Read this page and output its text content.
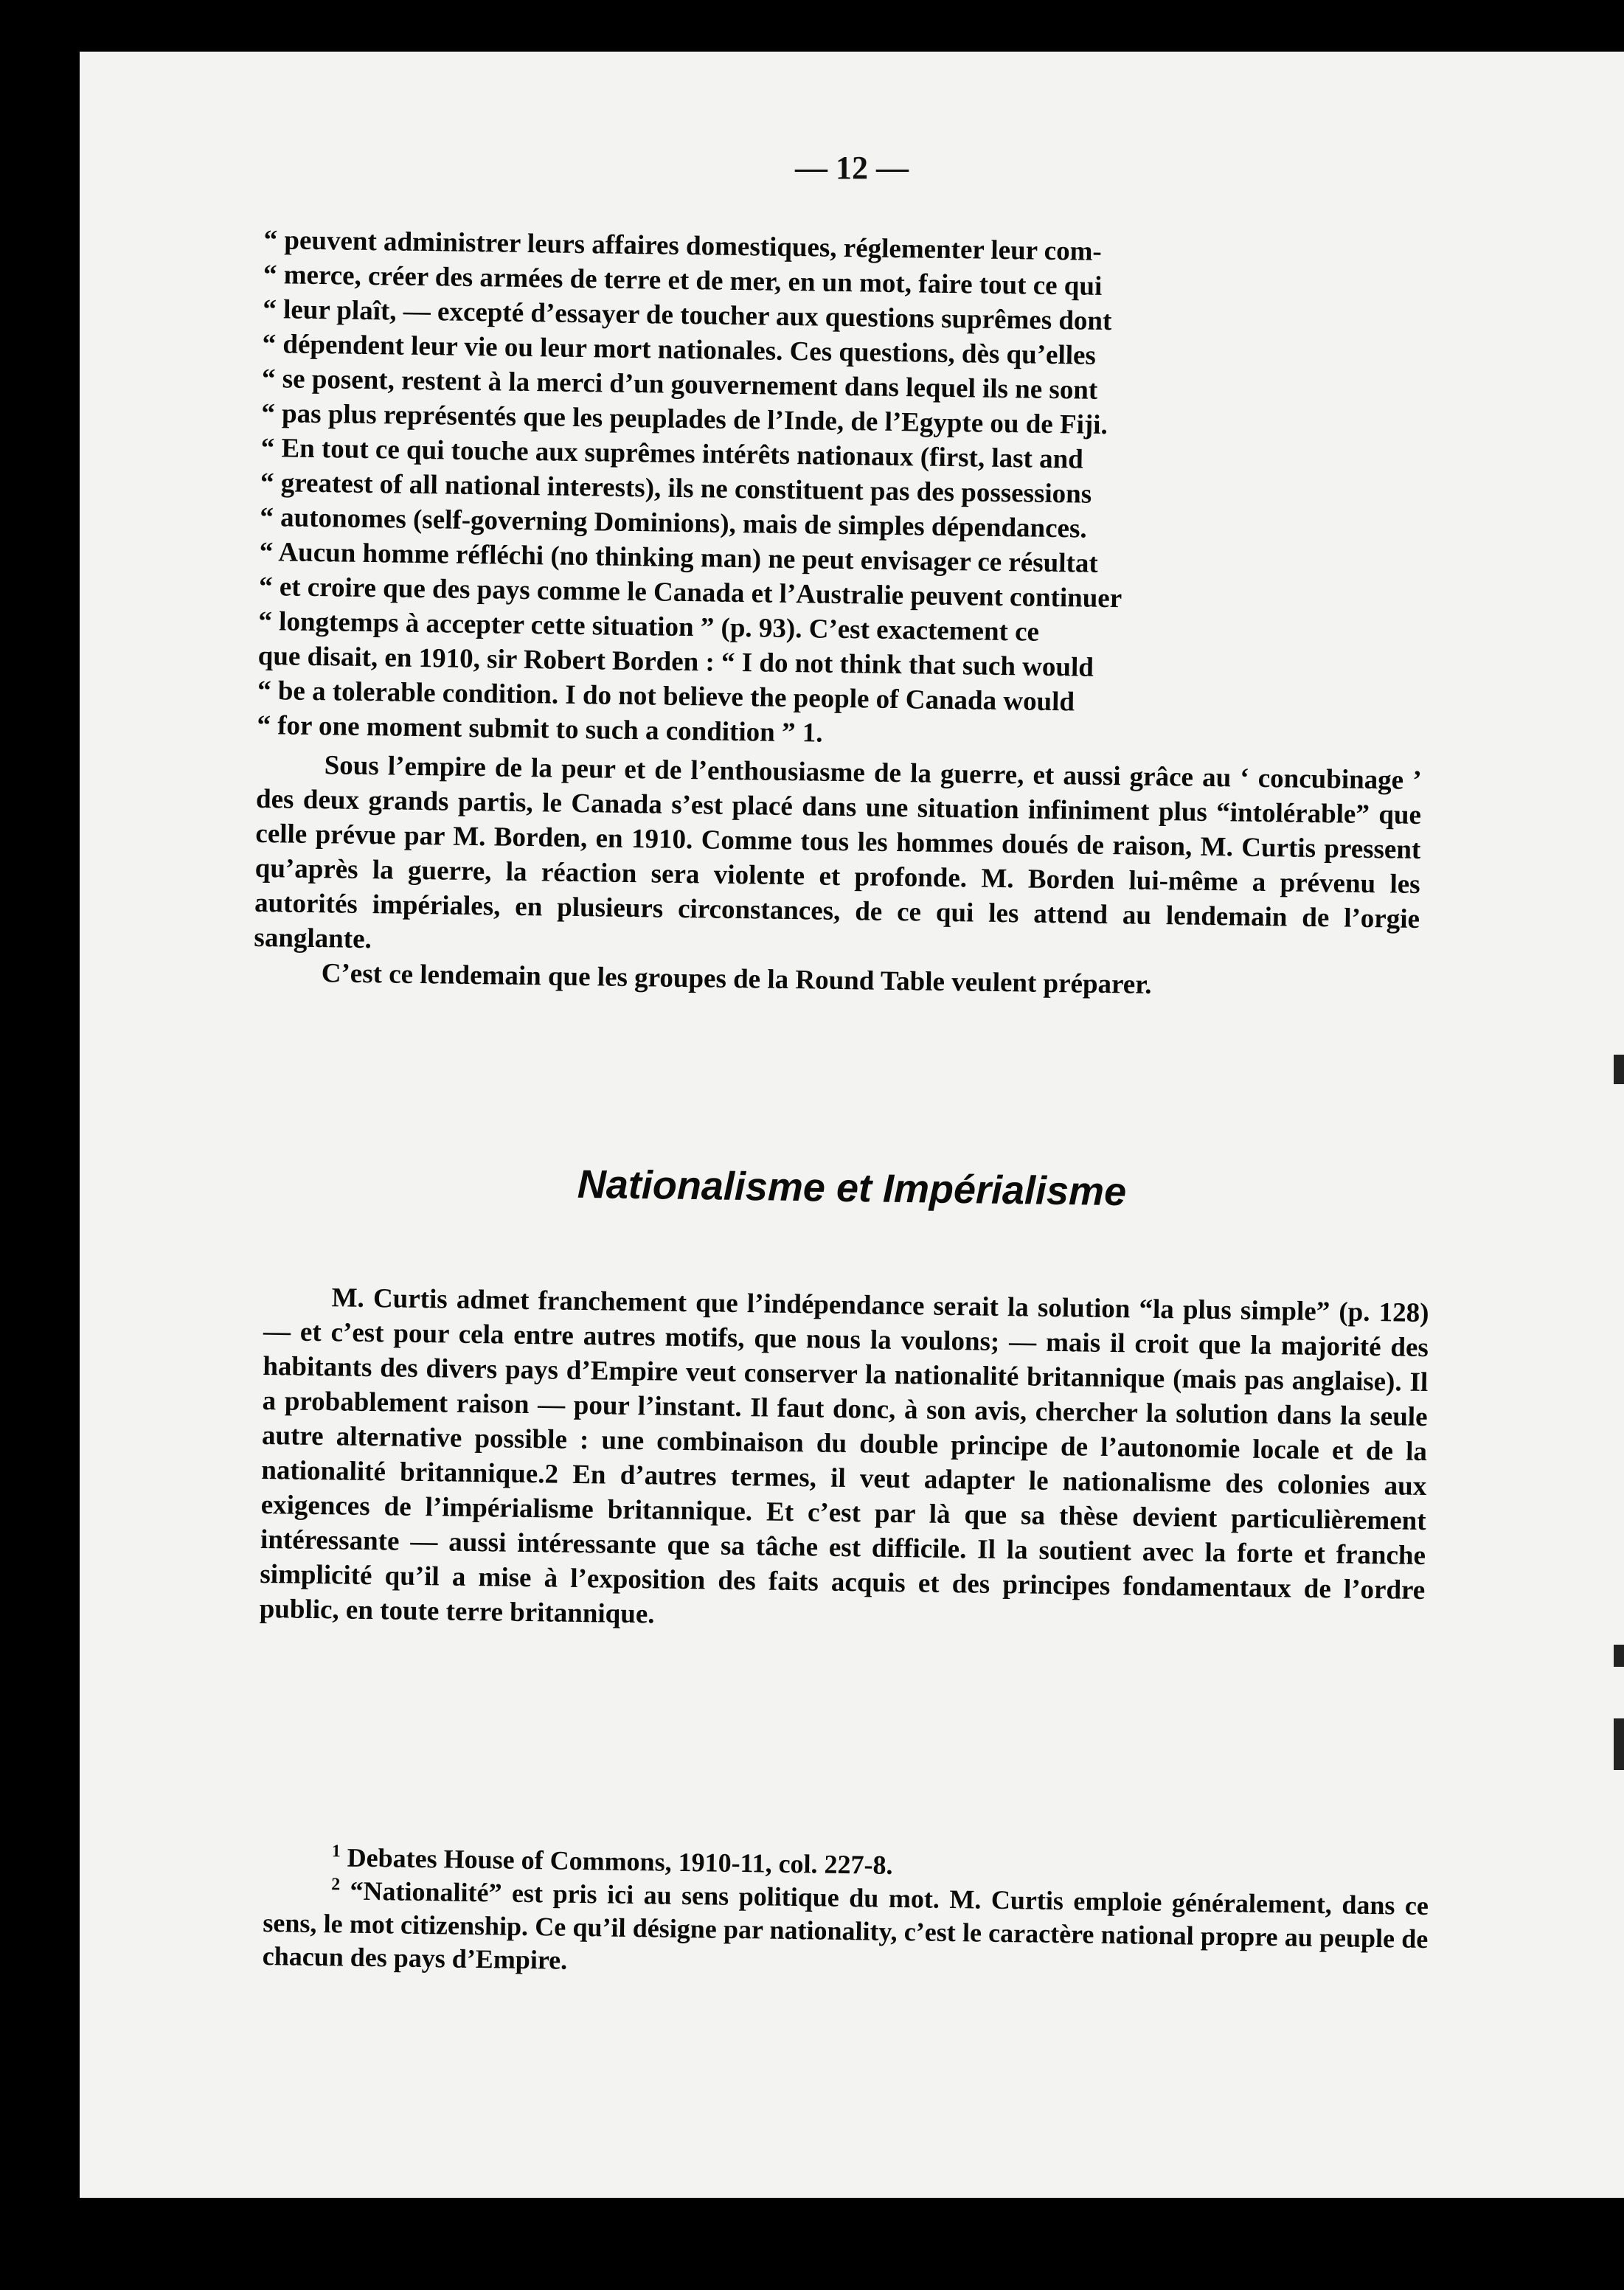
— 12 —
“ peuvent administrer leurs affaires domestiques, réglementer leur com-
“ merce, créer des armées de terre et de mer, en un mot, faire tout ce qui
“ leur plaît, — excepté d’essayer de toucher aux questions suprêmes dont
“ dépendent leur vie ou leur mort nationales. Ces questions, dès qu’elles
“ se posent, restent à la merci d’un gouvernement dans lequel ils ne sont
“ pas plus représentés que les peuplades de l’Inde, de l’Egypte ou de Fiji.
“ En tout ce qui touche aux suprêmes intérêts nationaux (first, last and
“ greatest of all national interests), ils ne constituent pas des possessions
“ autonomes (self-governing Dominions), mais de simples dépendances.
“ Aucun homme réfléchi (no thinking man) ne peut envisager ce résultat
“ et croire que des pays comme le Canada et l’Australie peuvent continuer
“ longtemps à accepter cette situation ” (p. 93). C’est exactement ce
que disait, en 1910, sir Robert Borden : “ I do not think that such would
“ be a tolerable condition. I do not believe the people of Canada would
“ for one moment submit to such a condition ” 1.

Sous l’empire de la peur et de l’enthousiasme de la guerre, et aussi grâce au ‘ concubinage ’ des deux grands partis, le Canada s’est placé dans une situation infiniment plus “intolérable” que celle prévue par M. Borden, en 1910. Comme tous les hommes doués de raison, M. Curtis pressent qu’après la guerre, la réaction sera violente et profonde. M. Borden lui-même a prévenu les autorités impériales, en plusieurs circonstances, de ce qui les attend au lendemain de l’orgie sanglante.

C’est ce lendemain que les groupes de la Round Table veulent préparer.

Nationalisme et Impérialisme

M. Curtis admet franchement que l’indépendance serait la solution “la plus simple” (p. 128) — et c’est pour cela entre autres motifs, que nous la voulons; — mais il croit que la majorité des habitants des divers pays d’Empire veut conserver la nationalité britannique (mais pas anglaise). Il a probablement raison — pour l’instant. Il faut donc, à son avis, chercher la solution dans la seule autre alternative possible : une combinaison du double principe de l’autonomie locale et de la nationalité britannique.2 En d’autres termes, il veut adapter le nationalisme des colonies aux exigences de l’impérialisme britannique. Et c’est par là que sa thèse devient particulièrement intéressante — aussi intéressante que sa tâche est difficile. Il la soutient avec la forte et franche simplicité qu’il a mise à l’exposition des faits acquis et des principes fondamentaux de l’ordre public, en toute terre britannique.

$^1$ Debates House of Commons, 1910-11, col. 227-8.

$^2$ “Nationalité” est pris ici au sens politique du mot. M. Curtis emploie généralement, dans ce sens, le mot citizenship. Ce qu’il désigne par nationality, c’est le caractère national propre au peuple de chacun des pays d’Empire.
